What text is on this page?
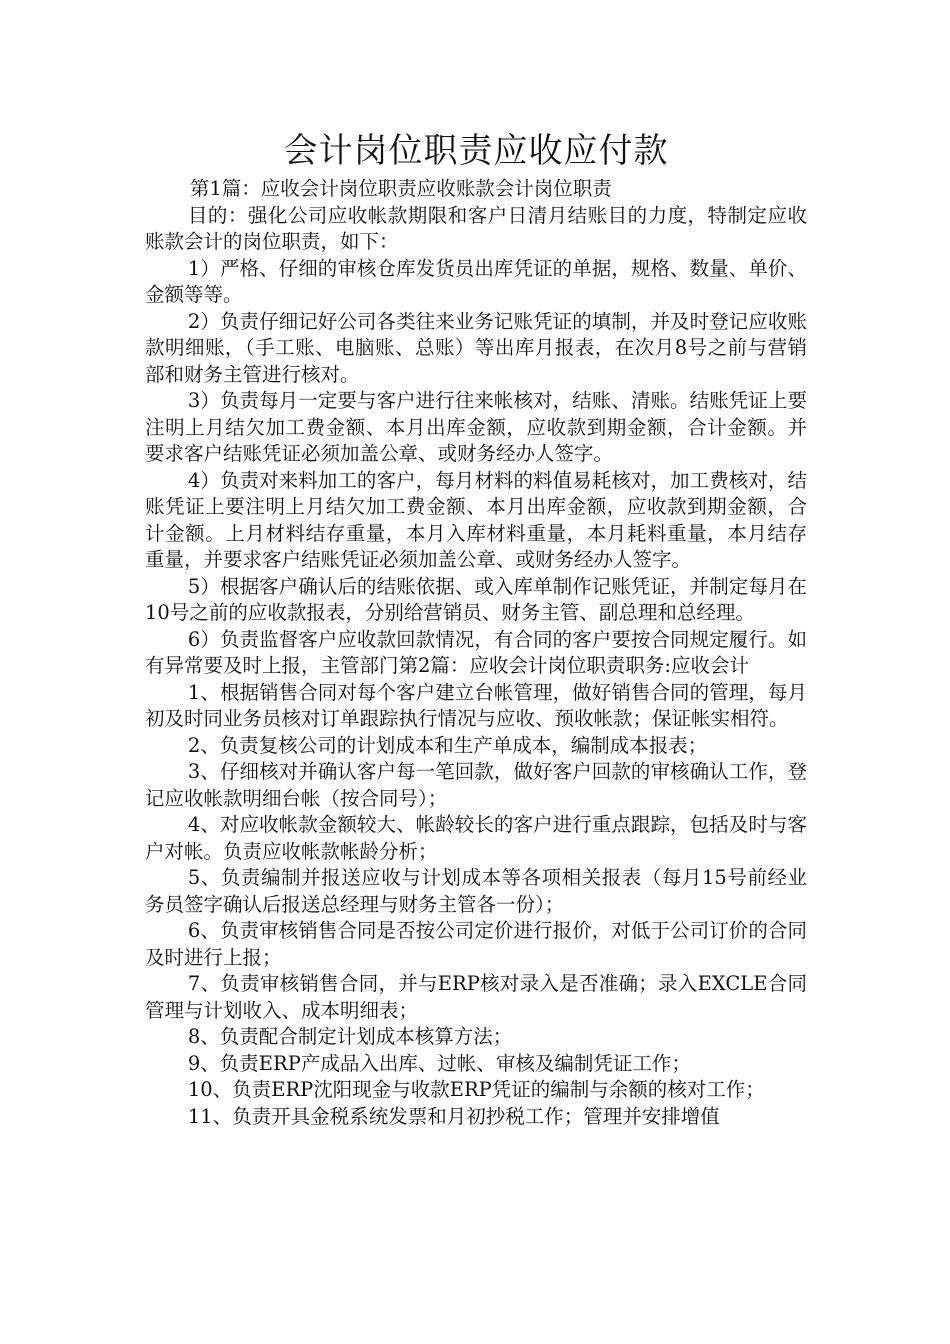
会计岗位职责应收应付款

第1篇：应收会计岗位职责应收账款会计岗位职责

目的：强化公司应收帐款期限和客户日清月结账目的力度，特制定应收账款会计的岗位职责，如下：

1）严格、仔细的审核仓库发货员出库凭证的单据，规格、数量、单价、金额等等。

2）负责仔细记好公司各类往来业务记账凭证的填制，并及时登记应收账款明细账，（手工账、电脑账、总账）等出库月报表，在次月8号之前与营销部和财务主管进行核对。

3）负责每月一定要与客户进行往来帐核对，结账、清账。结账凭证上要注明上月结欠加工费金额、本月出库金额，应收款到期金额，合计金额。并要求客户结账凭证必须加盖公章、或财务经办人签字。

4）负责对来料加工的客户，每月材料的料值易耗核对，加工费核对，结账凭证上要注明上月结欠加工费金额、本月出库金额，应收款到期金额，合计金额。上月材料结存重量，本月入库材料重量，本月耗料重量，本月结存重量，并要求客户结账凭证必须加盖公章、或财务经办人签字。

5）根据客户确认后的结账依据、或入库单制作记账凭证，并制定每月在10号之前的应收款报表，分别给营销员、财务主管、副总理和总经理。

6）负责监督客户应收款回款情况，有合同的客户要按合同规定履行。如有异常要及时上报，主管部门第2篇：应收会计岗位职责职务:应收会计

1、根据销售合同对每个客户建立台帐管理，做好销售合同的管理，每月初及时同业务员核对订单跟踪执行情况与应收、预收帐款；保证帐实相符。

2、负责复核公司的计划成本和生产单成本，编制成本报表；

3、仔细核对并确认客户每一笔回款，做好客户回款的审核确认工作，登记应收帐款明细台帐（按合同号）；

4、对应收帐款金额较大、帐龄较长的客户进行重点跟踪，包括及时与客户对帐。负责应收帐款帐龄分析；

5、负责编制并报送应收与计划成本等各项相关报表（每月15号前经业务员签字确认后报送总经理与财务主管各一份）；

6、负责审核销售合同是否按公司定价进行报价，对低于公司订价的合同及时进行上报；

7、负责审核销售合同，并与ERP核对录入是否准确；录入EXCLE合同管理与计划收入、成本明细表；

8、负责配合制定计划成本核算方法；

9、负责ERP产成品入出库、过帐、审核及编制凭证工作；

10、负责ERP沈阳现金与收款ERP凭证的编制与余额的核对工作；

11、负责开具金税系统发票和月初抄税工作；管理并安排增值
